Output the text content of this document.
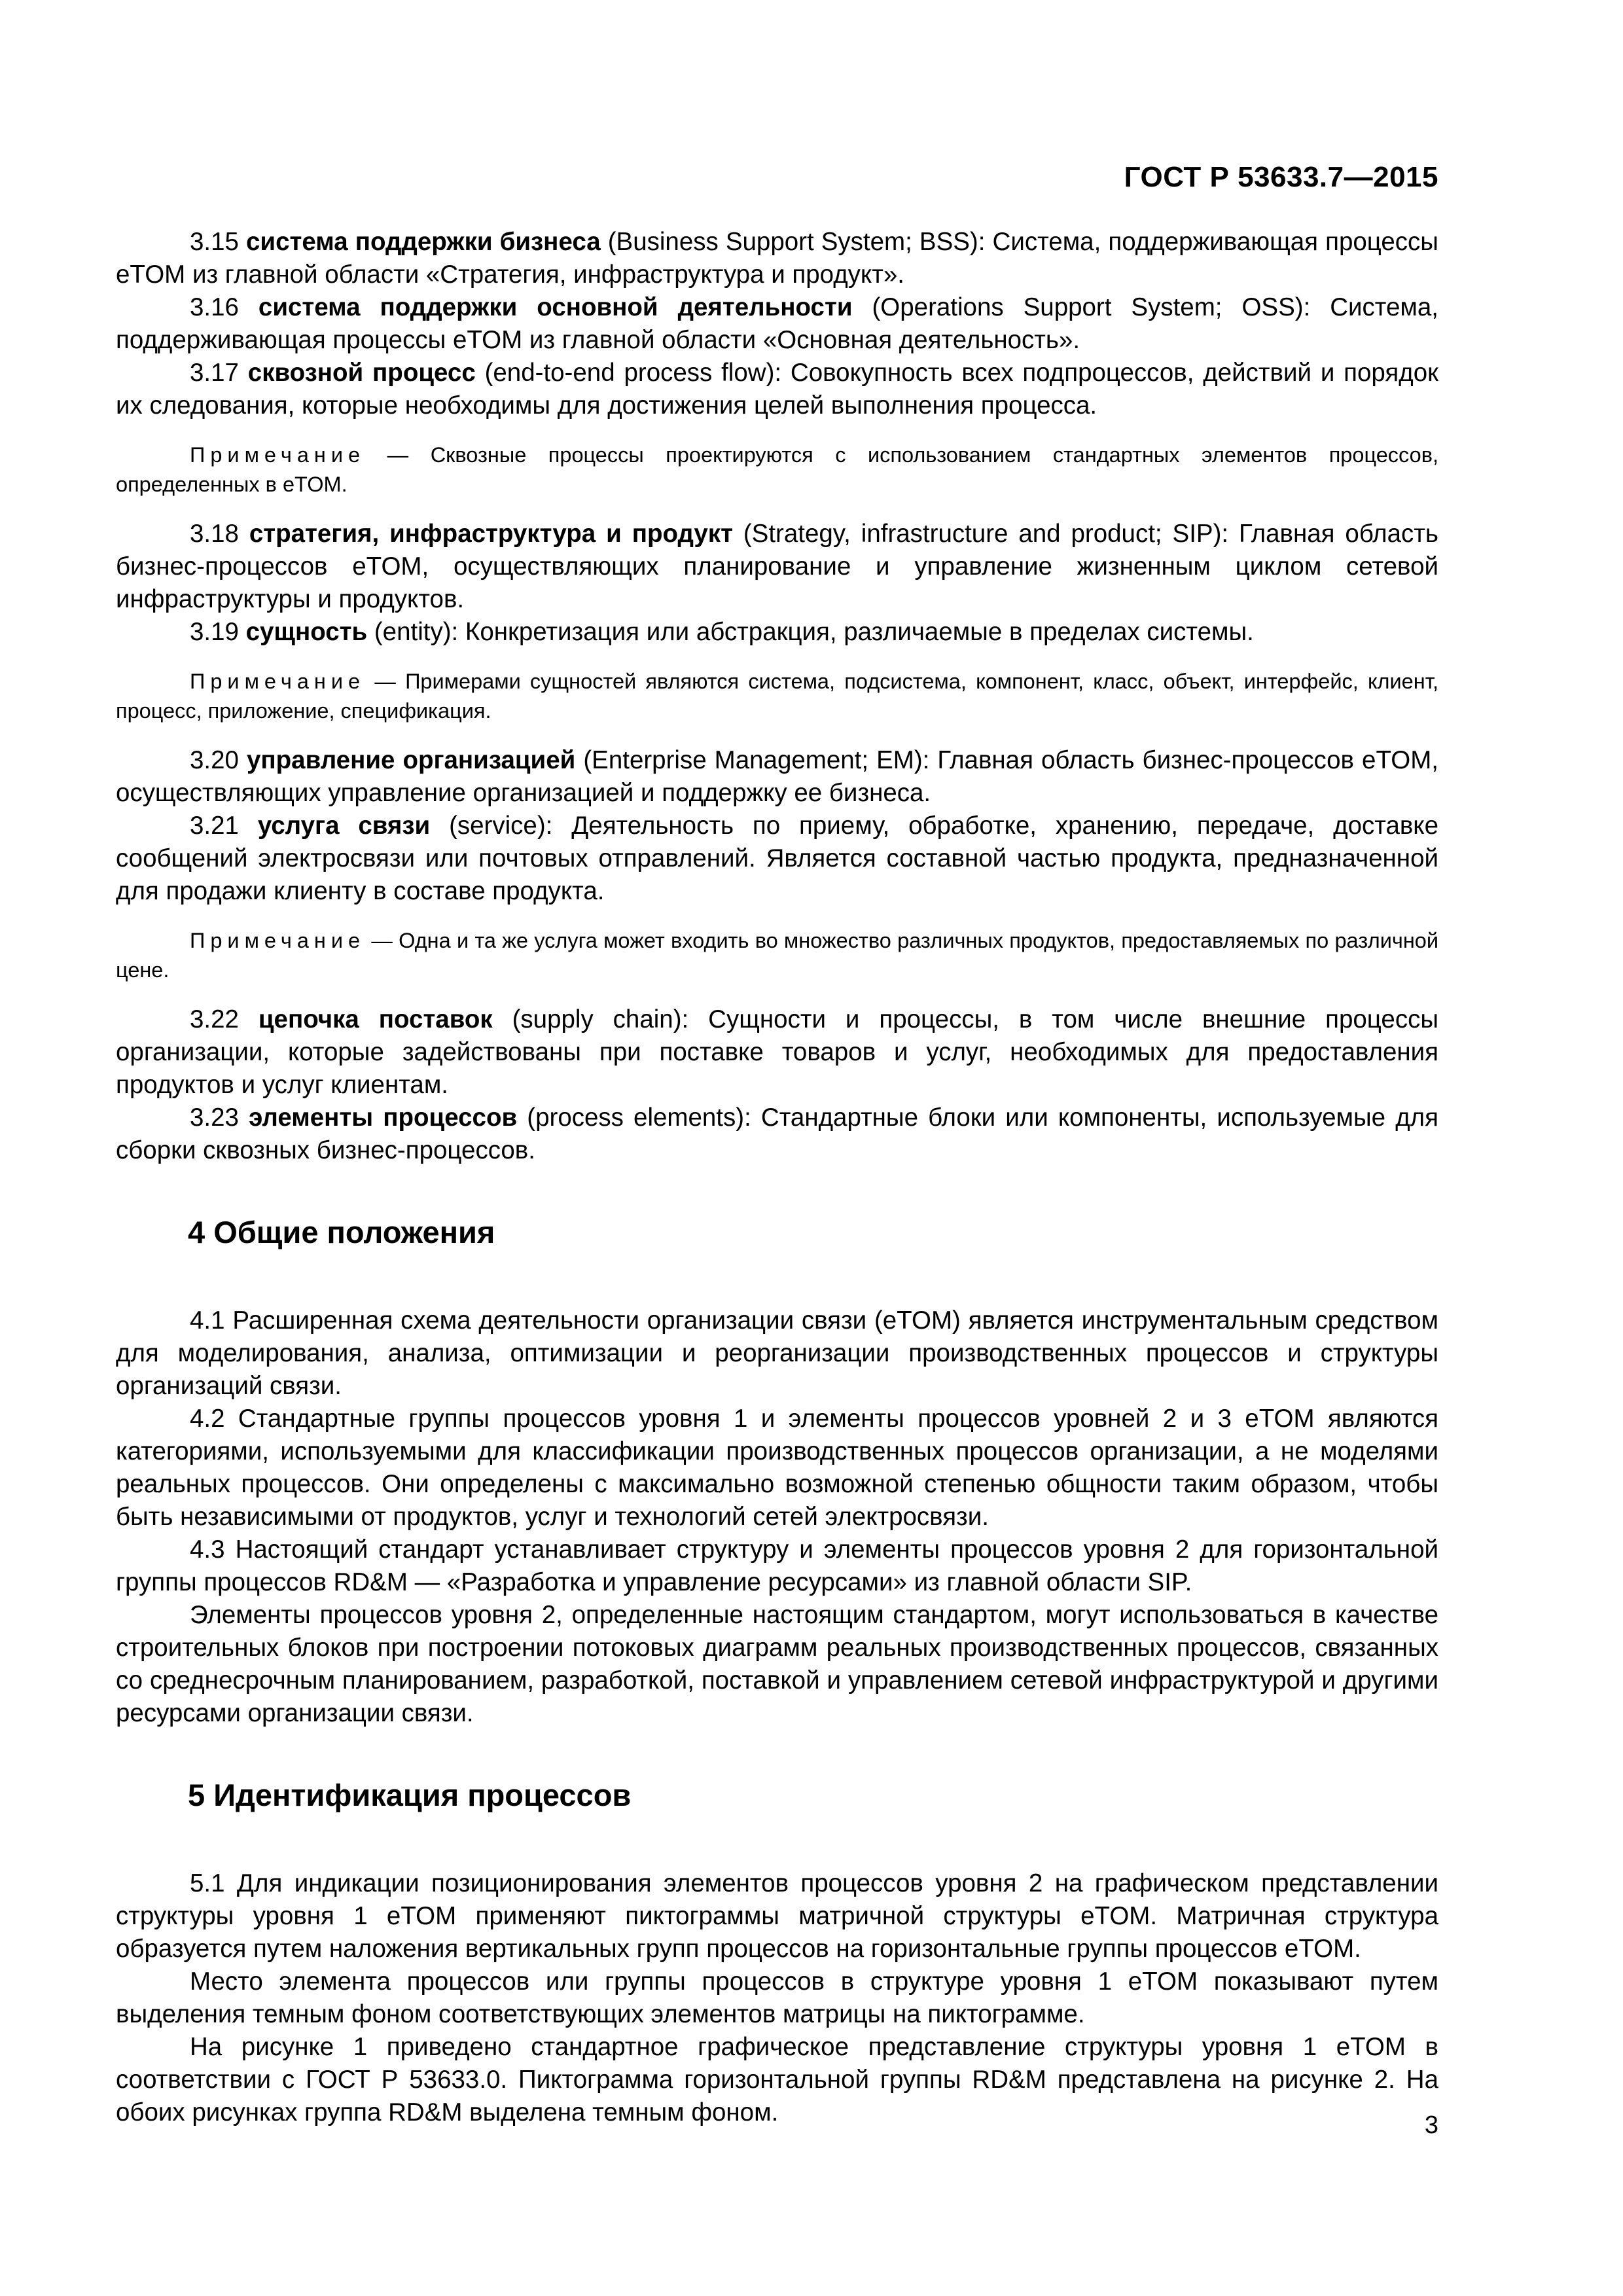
ГОСТ Р 53633.7—2015

3.15 система поддержки бизнеса (Business Support System; BSS): Система, поддерживающая процессы eTOM из главной области «Стратегия, инфраструктура и продукт».

3.16 система поддержки основной деятельности (Operations Support System; OSS): Система, поддерживающая процессы eTOM из главной области «Основная деятельность».

3.17 сквозной процесс (end-to-end process flow): Совокупность всех подпроцессов, действий и порядок их следования, которые необходимы для достижения целей выполнения процесса.

Примечание — Сквозные процессы проектируются с использованием стандартных элементов процессов, определенных в eTOM.

3.18 стратегия, инфраструктура и продукт (Strategy, infrastructure and product; SIP): Главная область бизнес-процессов eTOM, осуществляющих планирование и управление жизненным циклом сетевой инфраструктуры и продуктов.

3.19 сущность (entity): Конкретизация или абстракция, различаемые в пределах системы.

Примечание — Примерами сущностей являются система, подсистема, компонент, класс, объект, интерфейс, клиент, процесс, приложение, спецификация.

3.20 управление организацией (Enterprise Management; EM): Главная область бизнес-процессов eTOM, осуществляющих управление организацией и поддержку ее бизнеса.

3.21 услуга связи (service): Деятельность по приему, обработке, хранению, передаче, доставке сообщений электросвязи или почтовых отправлений. Является составной частью продукта, предназначенной для продажи клиенту в составе продукта.

Примечание — Одна и та же услуга может входить во множество различных продуктов, предоставляемых по различной цене.

3.22 цепочка поставок (supply chain): Сущности и процессы, в том числе внешние процессы организации, которые задействованы при поставке товаров и услуг, необходимых для предоставления продуктов и услуг клиентам.

3.23 элементы процессов (process elements): Стандартные блоки или компоненты, используемые для сборки сквозных бизнес-процессов.

4 Общие положения

4.1 Расширенная схема деятельности организации связи (eTOM) является инструментальным средством для моделирования, анализа, оптимизации и реорганизации производственных процессов и структуры организаций связи.

4.2 Стандартные группы процессов уровня 1 и элементы процессов уровней 2 и 3 eTOM являются категориями, используемыми для классификации производственных процессов организации, а не моделями реальных процессов. Они определены с максимально возможной степенью общности таким образом, чтобы быть независимыми от продуктов, услуг и технологий сетей электросвязи.

4.3 Настоящий стандарт устанавливает структуру и элементы процессов уровня 2 для горизонтальной группы процессов RD&M — «Разработка и управление ресурсами» из главной области SIP.

Элементы процессов уровня 2, определенные настоящим стандартом, могут использоваться в качестве строительных блоков при построении потоковых диаграмм реальных производственных процессов, связанных со среднесрочным планированием, разработкой, поставкой и управлением сетевой инфраструктурой и другими ресурсами организации связи.

5 Идентификация процессов

5.1 Для индикации позиционирования элементов процессов уровня 2 на графическом представлении структуры уровня 1 eTOM применяют пиктограммы матричной структуры eTOM. Матричная структура образуется путем наложения вертикальных групп процессов на горизонтальные группы процессов eTOM.

Место элемента процессов или группы процессов в структуре уровня 1 eTOM показывают путем выделения темным фоном соответствующих элементов матрицы на пиктограмме.

На рисунке 1 приведено стандартное графическое представление структуры уровня 1 eTOM в соответствии с ГОСТ Р 53633.0. Пиктограмма горизонтальной группы RD&M представлена на рисунке 2. На обоих рисунках группа RD&M выделена темным фоном.	3
